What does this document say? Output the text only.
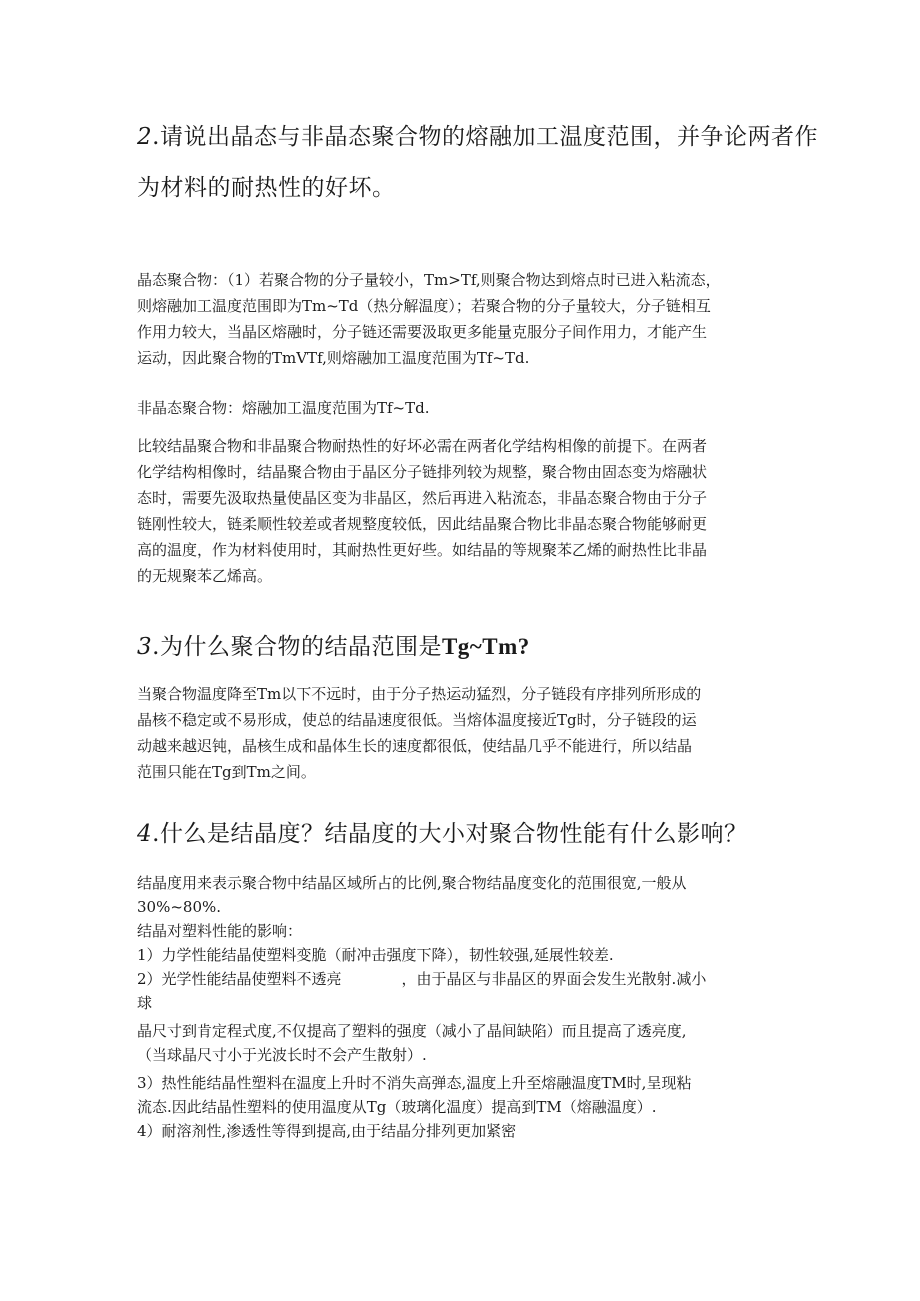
2.请说出晶态与非晶态聚合物的熔融加工温度范围，并争论两者作
为材料的耐热性的好坏。
晶态聚合物：（1）若聚合物的分子量较小，Tm>Tf,则聚合物达到熔点时已进入粘流态，
则熔融加工温度范围即为Tm~Td（热分解温度）；若聚合物的分子量较大，分子链相互
作用力较大，当晶区熔融时，分子链还需要汲取更多能量克服分子间作用力，才能产生
运动，因此聚合物的TmVTf,则熔融加工温度范围为Tf~Td.
非晶态聚合物：熔融加工温度范围为Tf~Td.
比较结晶聚合物和非晶聚合物耐热性的好坏必需在两者化学结构相像的前提下。在两者
化学结构相像时，结晶聚合物由于晶区分子链排列较为规整，聚合物由固态变为熔融状
态时，需要先汲取热量使晶区变为非晶区，然后再进入粘流态，非晶态聚合物由于分子
链刚性较大，链柔顺性较差或者规整度较低，因此结晶聚合物比非晶态聚合物能够耐更
高的温度，作为材料使用时，其耐热性更好些。如结晶的等规聚苯乙烯的耐热性比非晶
的无规聚苯乙烯高。
3.为什么聚合物的结晶范围是Tg~Tm?
当聚合物温度降至Tm以下不远时，由于分子热运动猛烈，分子链段有序排列所形成的
晶核不稳定或不易形成，使总的结晶速度很低。当熔体温度接近Tg时，分子链段的运
动越来越迟钝，晶核生成和晶体生长的速度都很低，使结晶几乎不能进行，所以结晶
范围只能在Tg到Tm之间。
4.什么是结晶度？结晶度的大小对聚合物性能有什么影响？
结晶度用来表示聚合物中结晶区域所占的比例,聚合物结晶度变化的范围很宽,一般从
30%~80%.
结晶对塑料性能的影响：
1）力学性能结晶使塑料变脆（耐冲击强度下降），韧性较强,延展性较差.
2）光学性能结晶使塑料不透亮　　　　，由于晶区与非晶区的界面会发生光散射.减小
球
晶尺寸到肯定程式度,不仅提高了塑料的强度（减小了晶间缺陷）而且提高了透亮度,
（当球晶尺寸小于光波长时不会产生散射）.
3）热性能结晶性塑料在温度上升时不消失高弹态,温度上升至熔融温度TM时,呈现粘
流态.因此结晶性塑料的使用温度从Tg（玻璃化温度）提高到TM（熔融温度）.
4）耐溶剂性,渗透性等得到提高,由于结晶分排列更加紧密
